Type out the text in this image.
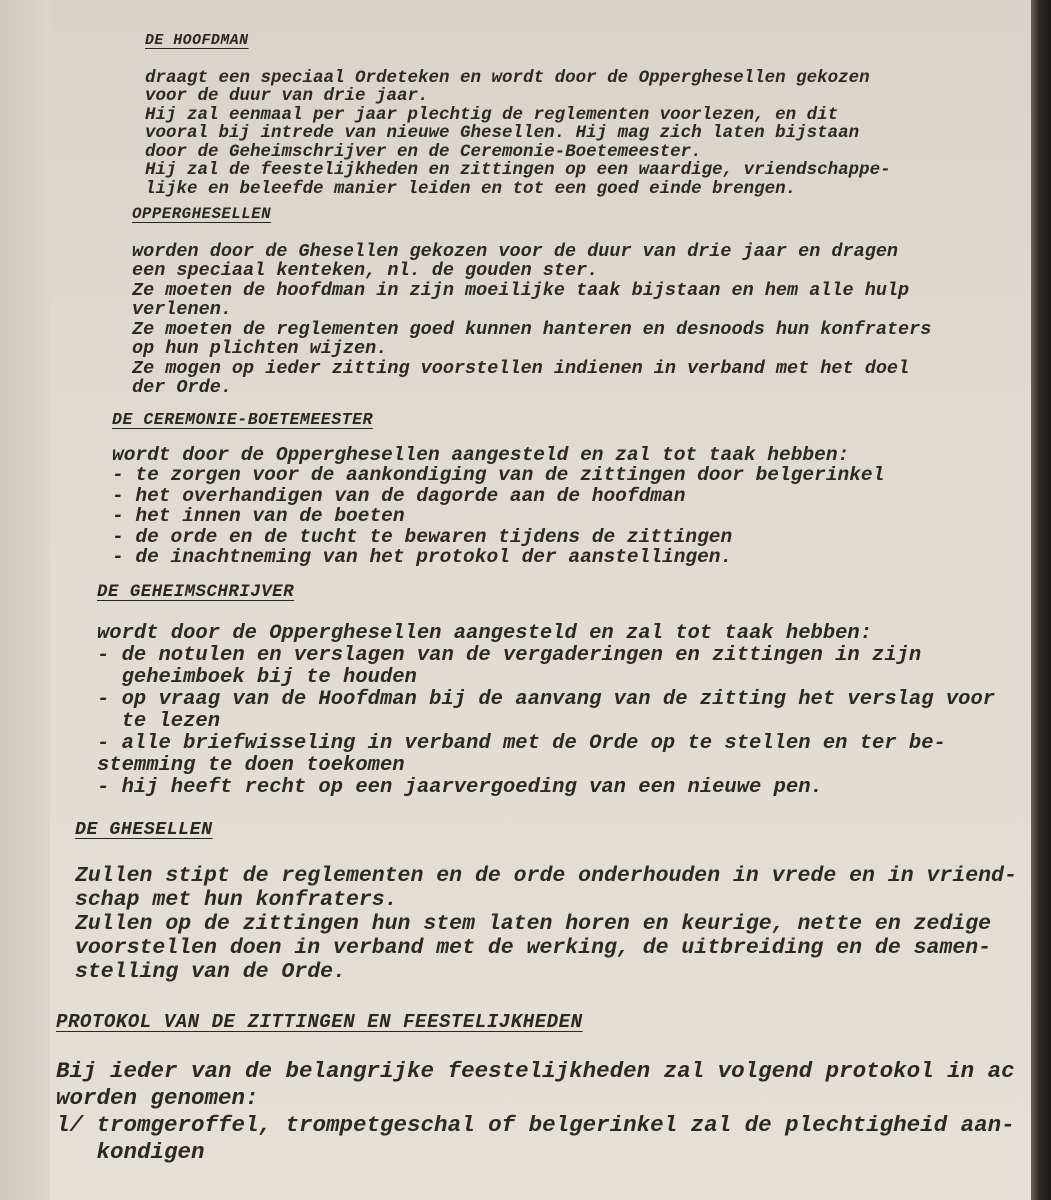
DE HOOFDMAN
draagt een speciaal Ordeteken en wordt door de Opperghesellen gekozen
voor de duur van drie jaar.
Hij zal eenmaal per jaar plechtig de reglementen voorlezen, en dit
vooral bij intrede van nieuwe Ghesellen. Hij mag zich laten bijstaan
door de Geheimschrijver en de Ceremonie-Boetemeester.
Hij zal de feestelijkheden en zittingen op een waardige, vriendschappe-
lijke en beleefde manier leiden en tot een goed einde brengen.
OPPERGHESELLEN
worden door de Ghesellen gekozen voor de duur van drie jaar en dragen
een speciaal kenteken, nl. de gouden ster.
Ze moeten de hoofdman in zijn moeilijke taak bijstaan en hem alle hulp
verlenen.
Ze moeten de reglementen goed kunnen hanteren en desnoods hun konfraters
op hun plichten wijzen.
Ze mogen op ieder zitting voorstellen indienen in verband met het doel
der Orde.
DE CEREMONIE-BOETEMEESTER
wordt door de Opperghesellen aangesteld en zal tot taak hebben:
- te zorgen voor de aankondiging van de zittingen door belgerinkel
- het overhandigen van de dagorde aan de hoofdman
- het innen van de boeten
- de orde en de tucht te bewaren tijdens de zittingen
- de inachtneming van het protokol der aanstellingen.
DE GEHEIMSCHRIJVER
wordt door de Opperghesellen aangesteld en zal tot taak hebben:
- de notulen en verslagen van de vergaderingen en zittingen in zijn
geheimboek bij te houden
- op vraag van de Hoofdman bij de aanvang van de zitting het verslag voor
te lezen
- alle briefwisseling in verband met de Orde op te stellen en ter be-
stemming te doen toekomen
- hij heeft recht op een jaarvergoeding van een nieuwe pen.
DE GHESELLEN
Zullen stipt de reglementen en de orde onderhouden in vrede en in vriend-
schap met hun konfraters.
Zullen op de zittingen hun stem laten horen en keurige, nette en zedige
voorstellen doen in verband met de werking, de uitbreiding en de samen-
stelling van de Orde.
PROTOKOL VAN DE ZITTINGEN EN FEESTELIJKHEDEN
Bij ieder van de belangrijke feestelijkheden zal volgend protokol in ac
worden genomen:
l/ tromgeroffel, trompetgeschal of belgerinkel zal de plechtigheid aan-
kondigen
